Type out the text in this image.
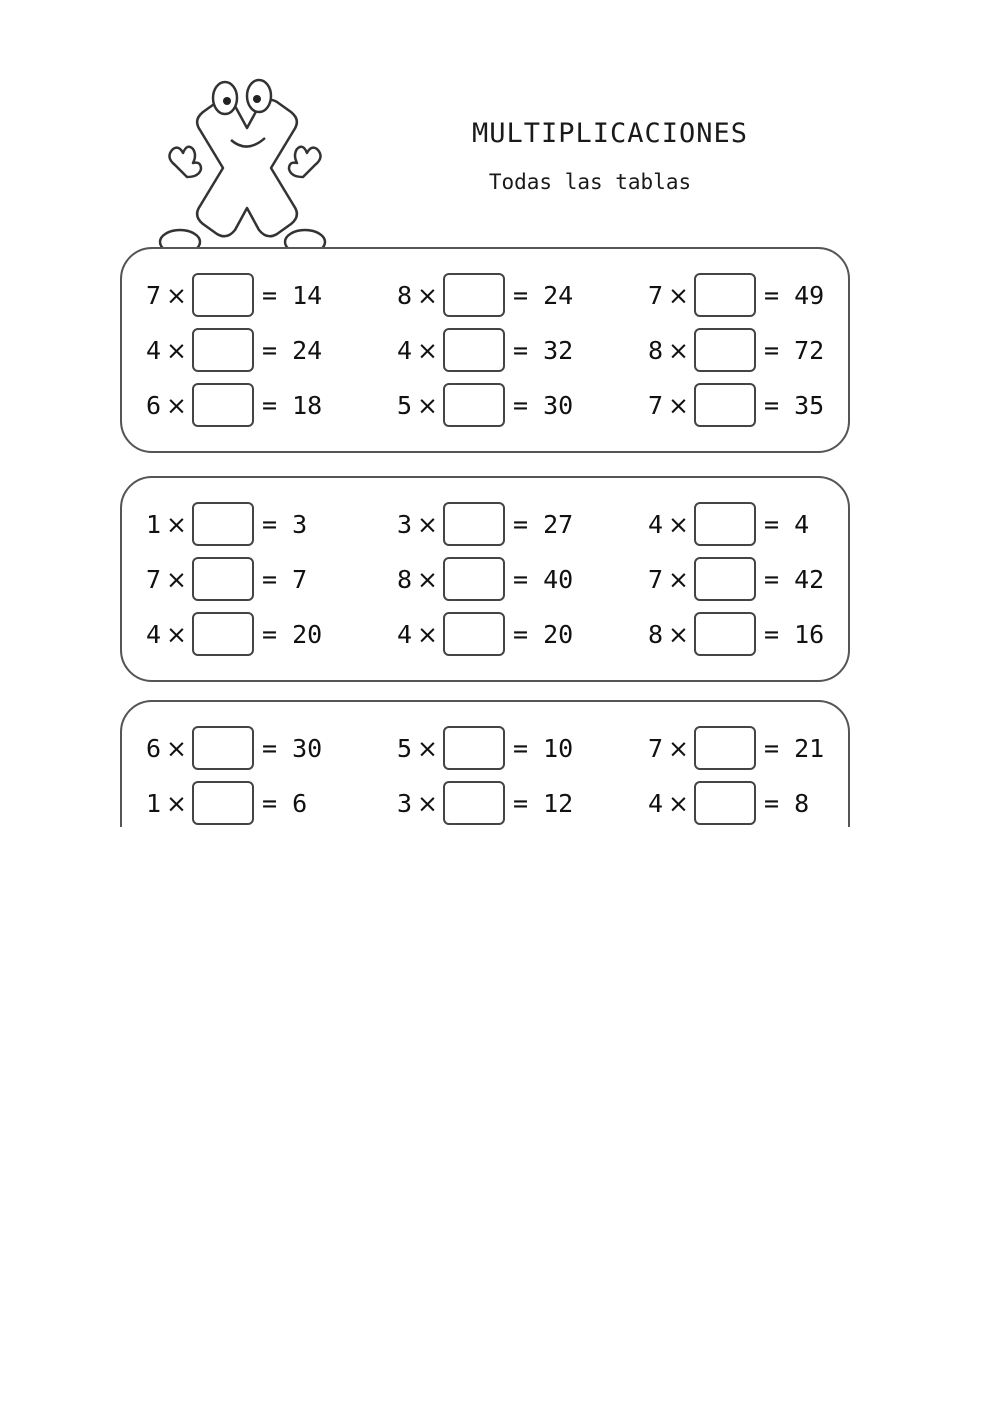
MULTIPLICACIONES
Todas las tablas
7 ×	= 14	8 ×	= 24	7 ×	= 49
4 ×	= 24	4 ×	= 32	8 ×	= 72
6 ×	= 18	5 ×	= 30	7 ×	= 35
1 ×	= 3	3 ×	= 27	4 ×	= 4
7 ×	= 7	8 ×	= 40	7 ×	= 42
4 ×	= 20	4 ×	= 20	8 ×	= 16
6 ×	= 30	5 ×	= 10	7 ×	= 21
1 ×	= 6	3 ×	= 12	4 ×	= 8
